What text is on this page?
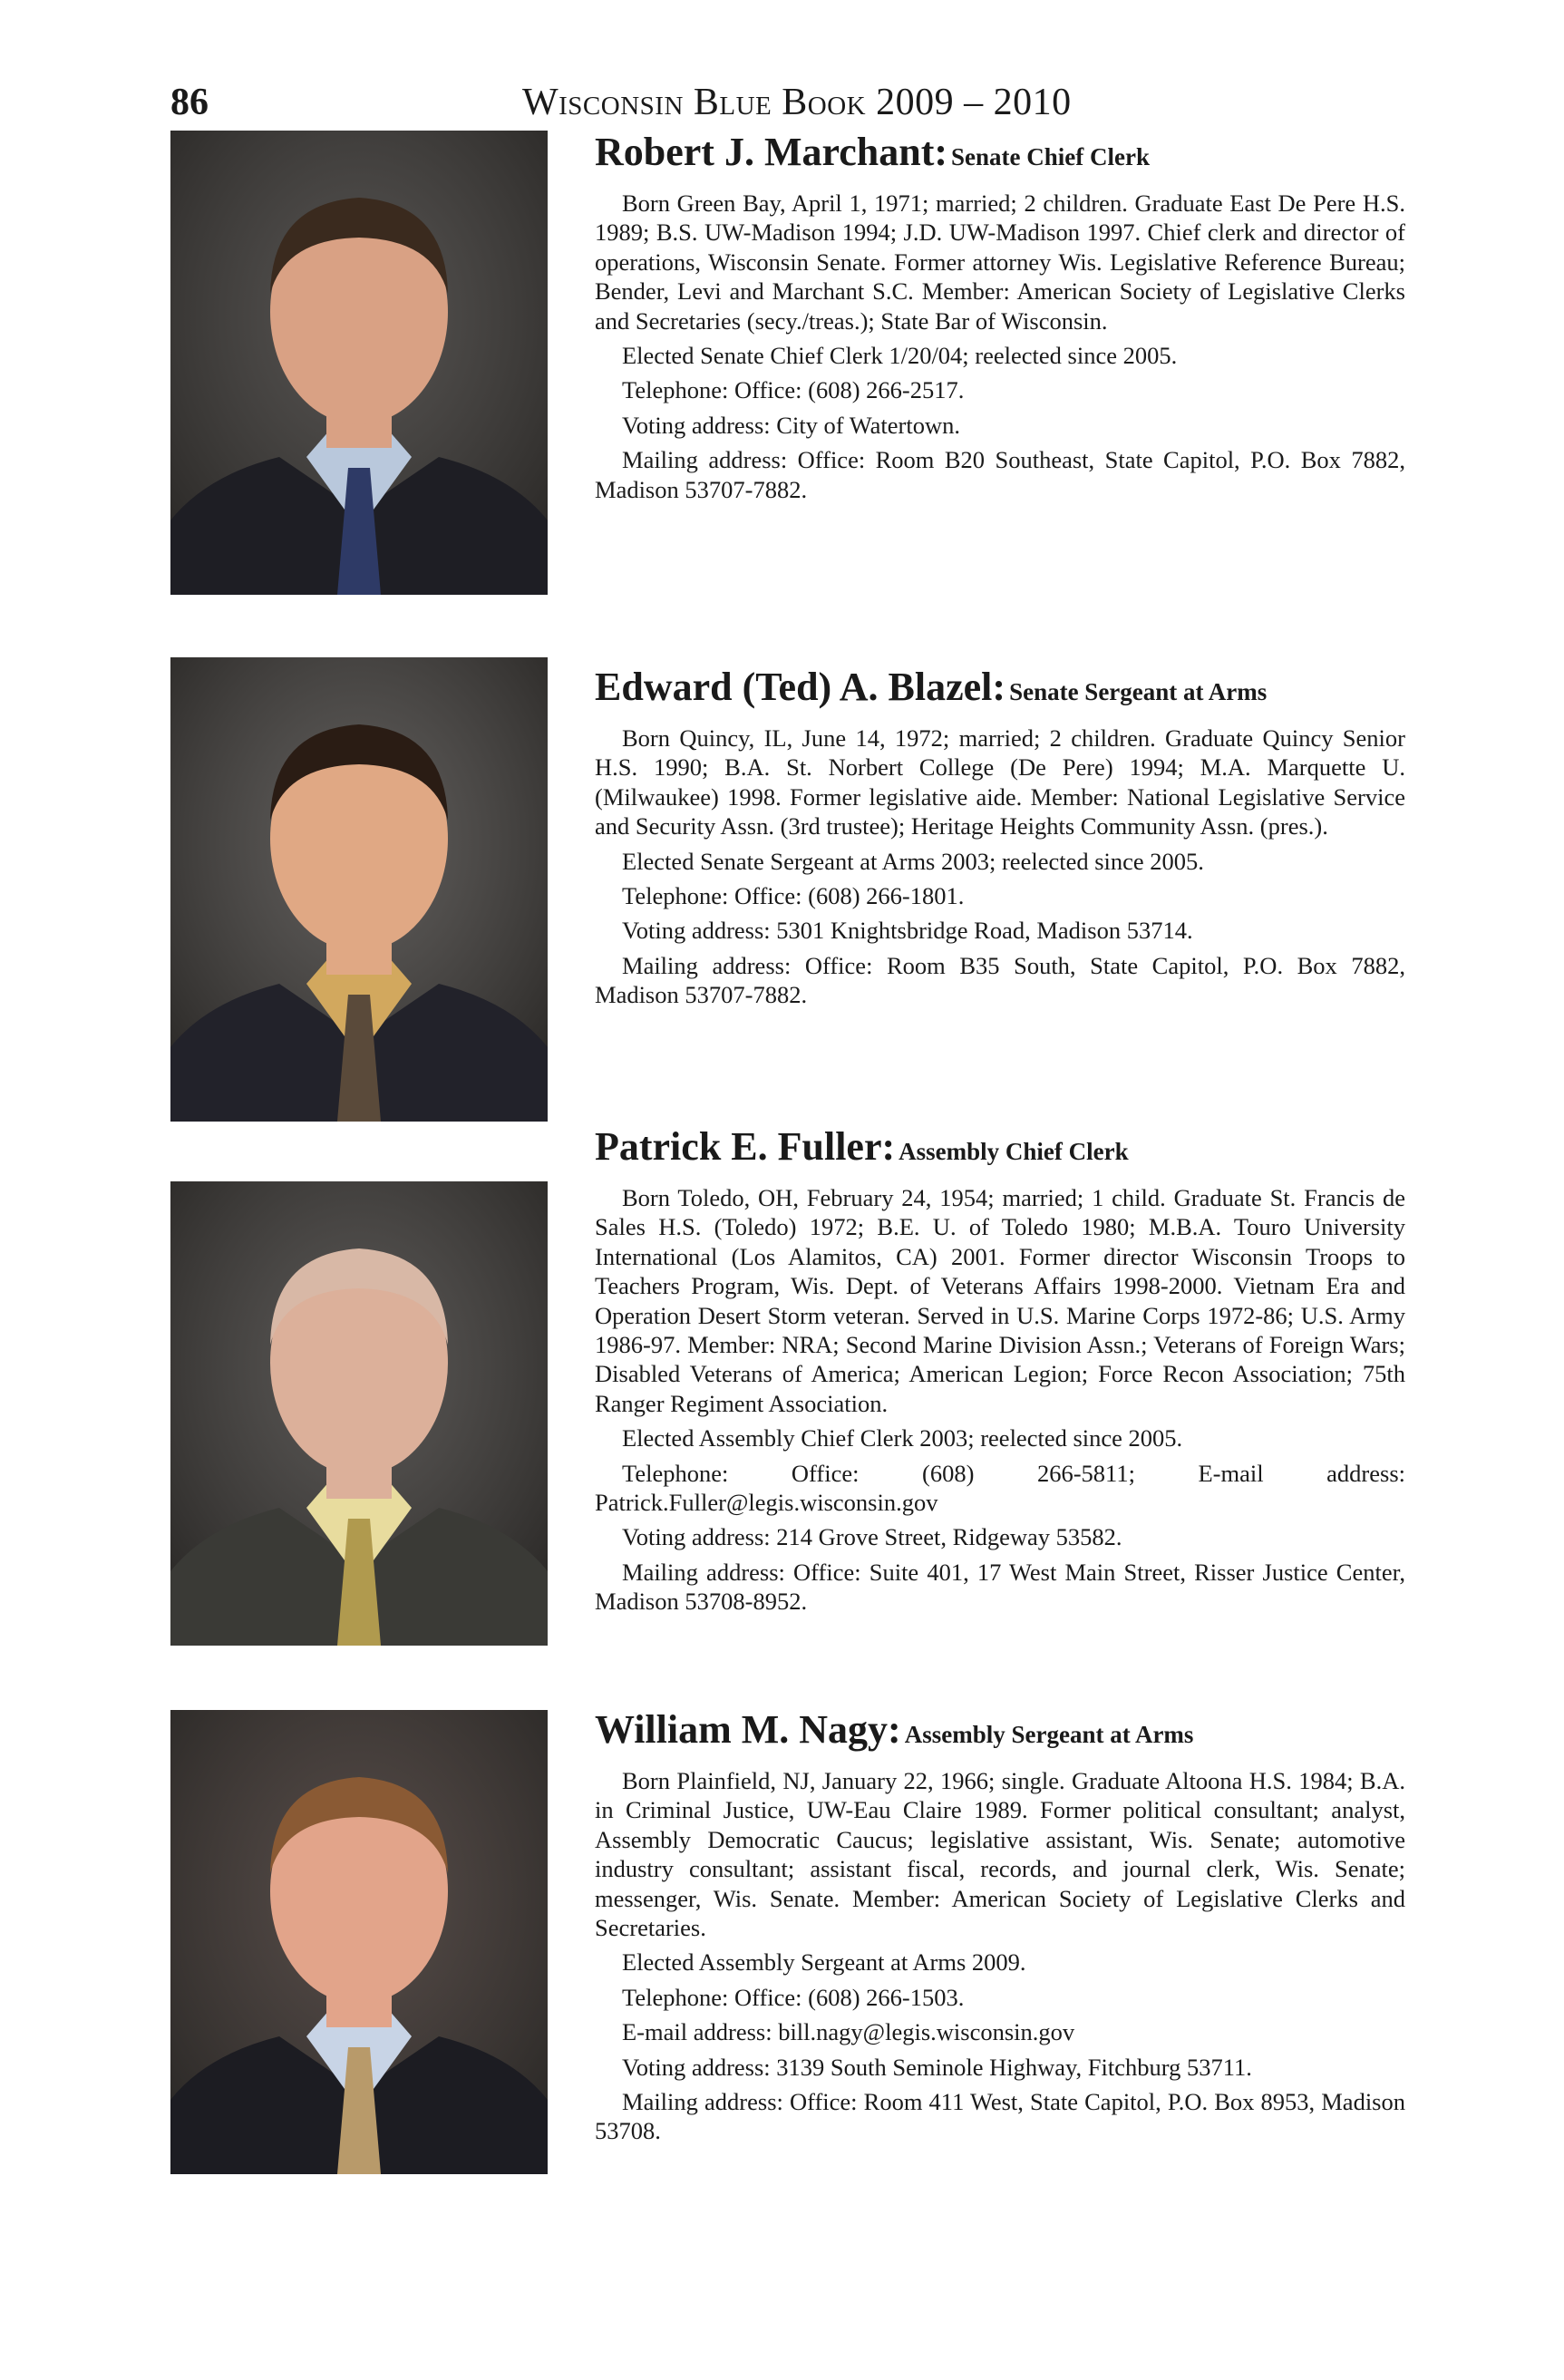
86	Wisconsin Blue Book 2009 – 2010
Robert J. Marchant: Senate Chief Clerk

Born Green Bay, April 1, 1971; married; 2 children. Graduate East De Pere H.S. 1989; B.S. UW-Madison 1994; J.D. UW-Madison 1997. Chief clerk and director of operations, Wisconsin Senate. Former attorney Wis. Legislative Reference Bureau; Bender, Levi and Marchant S.C. Member: American Society of Legislative Clerks and Secretaries (secy./treas.); State Bar of Wisconsin.

Elected Senate Chief Clerk 1/20/04; reelected since 2005.

Telephone: Office: (608) 266-2517.

Voting address: City of Watertown.

Mailing address: Office: Room B20 Southeast, State Capitol, P.O. Box 7882, Madison 53707-7882.

Edward (Ted) A. Blazel: Senate Sergeant at Arms

Born Quincy, IL, June 14, 1972; married; 2 children. Graduate Quincy Senior H.S. 1990; B.A. St. Norbert College (De Pere) 1994; M.A. Marquette U. (Milwaukee) 1998. Former legislative aide. Member: National Legislative Service and Security Assn. (3rd trustee); Heritage Heights Community Assn. (pres.).

Elected Senate Sergeant at Arms 2003; reelected since 2005.

Telephone: Office: (608) 266-1801.

Voting address: 5301 Knightsbridge Road, Madison 53714.

Mailing address: Office: Room B35 South, State Capitol, P.O. Box 7882, Madison 53707-7882.

Patrick E. Fuller: Assembly Chief Clerk

Born Toledo, OH, February 24, 1954; married; 1 child. Graduate St. Francis de Sales H.S. (Toledo) 1972; B.E. U. of Toledo 1980; M.B.A. Touro University International (Los Alamitos, CA) 2001. Former director Wisconsin Troops to Teachers Program, Wis. Dept. of Veterans Affairs 1998-2000. Vietnam Era and Operation Desert Storm veteran. Served in U.S. Marine Corps 1972-86; U.S. Army 1986-97. Member: NRA; Second Marine Division Assn.; Veterans of Foreign Wars; Disabled Veterans of America; American Legion; Force Recon Association; 75th Ranger Regiment Association.

Elected Assembly Chief Clerk 2003; reelected since 2005.

Telephone: Office: (608) 266-5811; E-mail address: Patrick.Fuller@legis.wisconsin.gov

Voting address: 214 Grove Street, Ridgeway 53582.

Mailing address: Office: Suite 401, 17 West Main Street, Risser Justice Center, Madison 53708-8952.

William M. Nagy: Assembly Sergeant at Arms

Born Plainfield, NJ, January 22, 1966; single. Graduate Altoona H.S. 1984; B.A. in Criminal Justice, UW-Eau Claire 1989. Former political consultant; analyst, Assembly Democratic Caucus; legislative assistant, Wis. Senate; automotive industry consultant; assistant fiscal, records, and journal clerk, Wis. Senate; messenger, Wis. Senate. Member: American Society of Legislative Clerks and Secretaries.

Elected Assembly Sergeant at Arms 2009.

Telephone: Office: (608) 266-1503.

E-mail address: bill.nagy@legis.wisconsin.gov

Voting address: 3139 South Seminole Highway, Fitchburg 53711.

Mailing address: Office: Room 411 West, State Capitol, P.O. Box 8953, Madison 53708.
